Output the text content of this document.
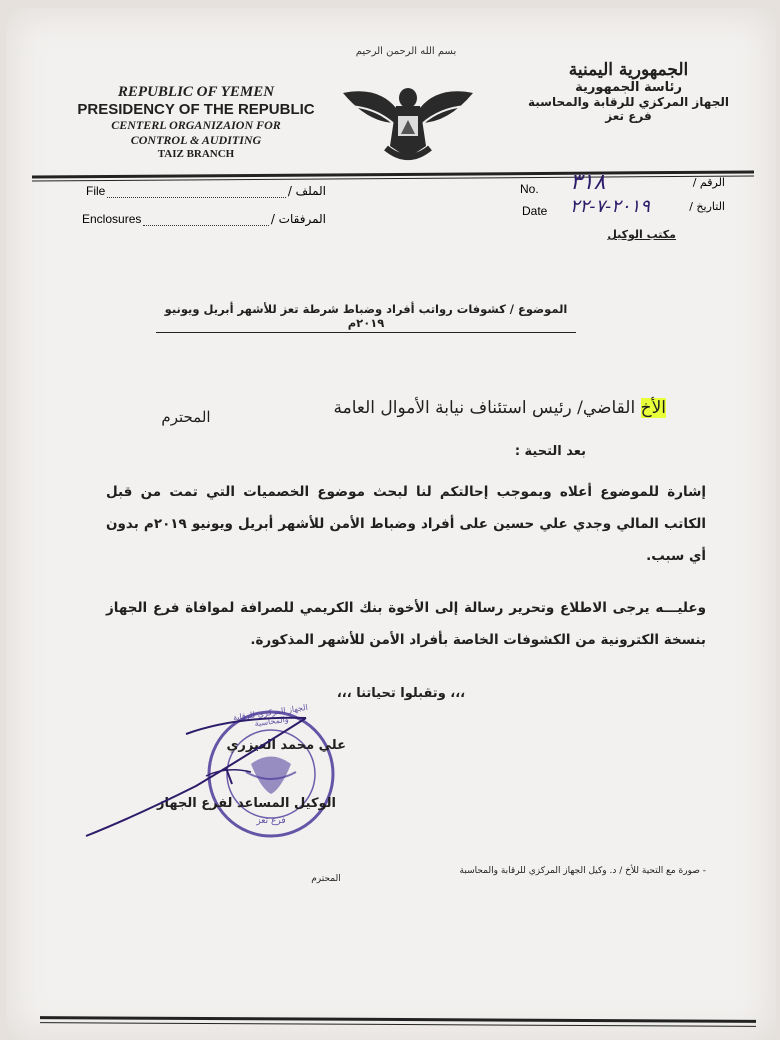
REPUBLIC OF YEMEN
PRESIDENCY OF THE REPUBLIC
CENTERL ORGANIZAION FOR
CONTROL & AUDITING
TAIZ BRANCH
بسم الله الرحمن الرحيم
الجمهورية اليمنية
رئاسة الجمهورية
الجهاز المركزي للرقابة والمحاسبة
فرع تعز
File	الملف /
Enclosures	المرفقات /
No. ٣١٨	الرقم /
Date ٢٠١٩-٧-٢٢	التاريخ /
مكتب الوكيل
الموضوع / كشوفات رواتب أفراد وضباط شرطة تعز للأشهر أبريل ويونيو ٢٠١٩م
الأخ القاضي/ رئيس استئناف نيابة الأموال العامة
المحترم
بعد التحية :
إشارة للموضوع أعلاه وبموجب إحالتكم لنا لبحث موضوع الخصميات التي تمت من قبل الكاتب المالي وجدي علي حسين على أفراد وضباط الأمن للأشهر أبريل ويونيو ٢٠١٩م بدون أي سبب.
وعليـــه يرجى الاطلاع وتحرير رسالة إلى الأخوة بنك الكريمي للصرافة لموافاة فرع الجهاز بنسخة الكترونية من الكشوفات الخاصة بأفراد الأمن للأشهر المذكورة.
،،، وتقبلوا تحياتنا ،،،
الجهاز المركزي للرقابة والمحاسبة
فرع تعز
علي محمد العيزري
الوكيل المساعد لفرع الجهاز
- صورة مع التحية للأخ / د. وكيل الجهاز المركزي للرقابة والمحاسبة
المحترم
